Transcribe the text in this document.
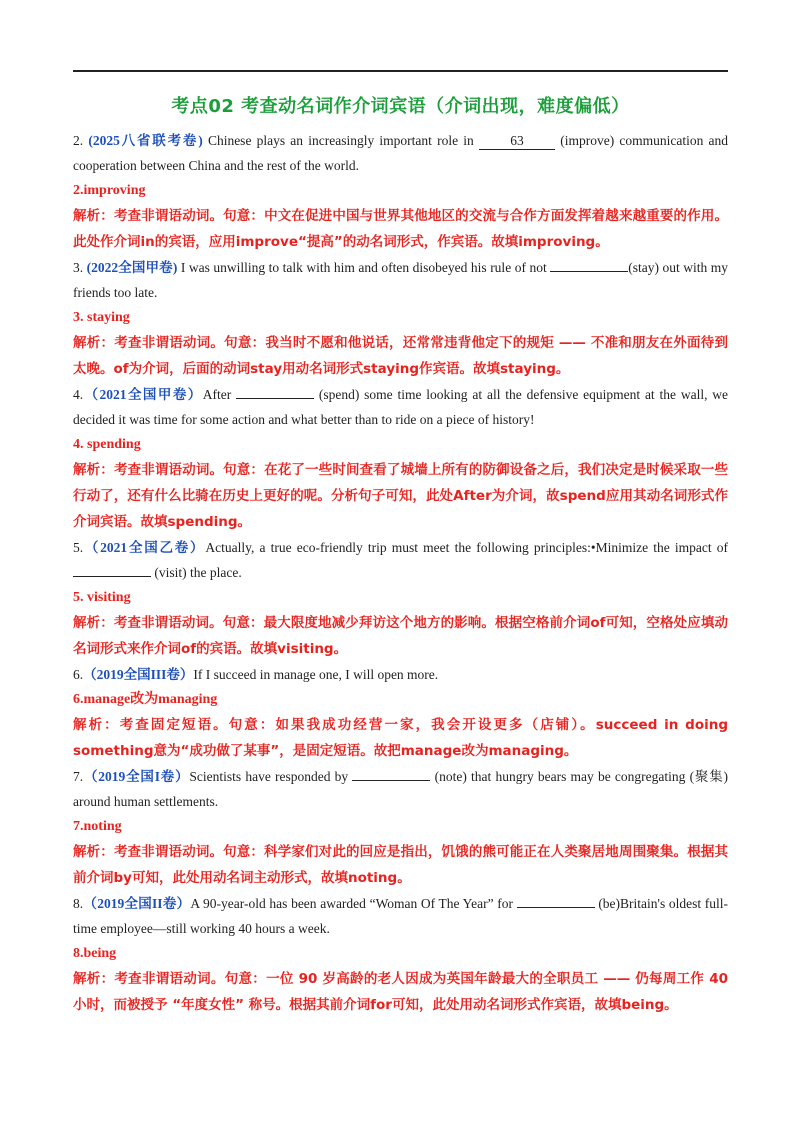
考点02 考查动名词作介词宾语（介词出现，难度偏低）

2. (2025八省联考卷) Chinese plays an increasingly important role in	63	(improve) communication and cooperation between China and the rest of the world.

2.improving

解析：考查非谓语动词。句意：中文在促进中国与世界其他地区的交流与合作方面发挥着越来越重要的作用。此处作介词in的宾语，应用improve“提高”的动名词形式，作宾语。故填improving。

3. (2022全国甲卷) I was unwilling to talk with him and often disobeyed his rule of not	(stay) out with my friends too late.

3. staying

解析：考查非谓语动词。句意：我当时不愿和他说话，还常常违背他定下的规矩 —— 不准和朋友在外面待到太晚。of为介词，后面的动词stay用动名词形式staying作宾语。故填staying。

4.（2021全国甲卷）After	(spend) some time looking at all the defensive equipment at the wall, we decided it was time for some action and what better than to ride on a piece of history!

4. spending

解析：考查非谓语动词。句意：在花了一些时间查看了城墙上所有的防御设备之后，我们决定是时候采取一些行动了，还有什么比骑在历史上更好的呢。分析句子可知，此处After为介词，故spend应用其动名词形式作介词宾语。故填spending。

5.（2021全国乙卷）Actually, a true eco-friendly trip must meet the following principles:•Minimize the impact of  (visit) the place.

5. visiting

解析：考查非谓语动词。句意：最大限度地减少拜访这个地方的影响。根据空格前介词of可知，空格处应填动名词形式来作介词of的宾语。故填visiting。

6.（2019全国III卷）If I succeed in manage one, I will open more.

6.manage改为managing

解析：考查固定短语。句意：如果我成功经营一家，我会开设更多（店铺）。succeed in doing something意为“成功做了某事”，是固定短语。故把manage改为managing。

7.（2019全国I卷）Scientists have responded by	(note) that hungry bears may be congregating (聚集) around human settlements.

7.noting

解析：考查非谓语动词。句意：科学家们对此的回应是指出，饥饿的熊可能正在人类聚居地周围聚集。根据其前介词by可知，此处用动名词主动形式，故填noting。

8.（2019全国II卷）A 90-year-old has been awarded “Woman Of The Year” for	(be)Britain's oldest full-time employee—still working 40 hours a week.

8.being

解析：考查非谓语动词。句意：一位 90 岁高龄的老人因成为英国年龄最大的全职员工 —— 仍每周工作 40 小时，而被授予 “年度女性” 称号。根据其前介词for可知，此处用动名词形式作宾语，故填being。
